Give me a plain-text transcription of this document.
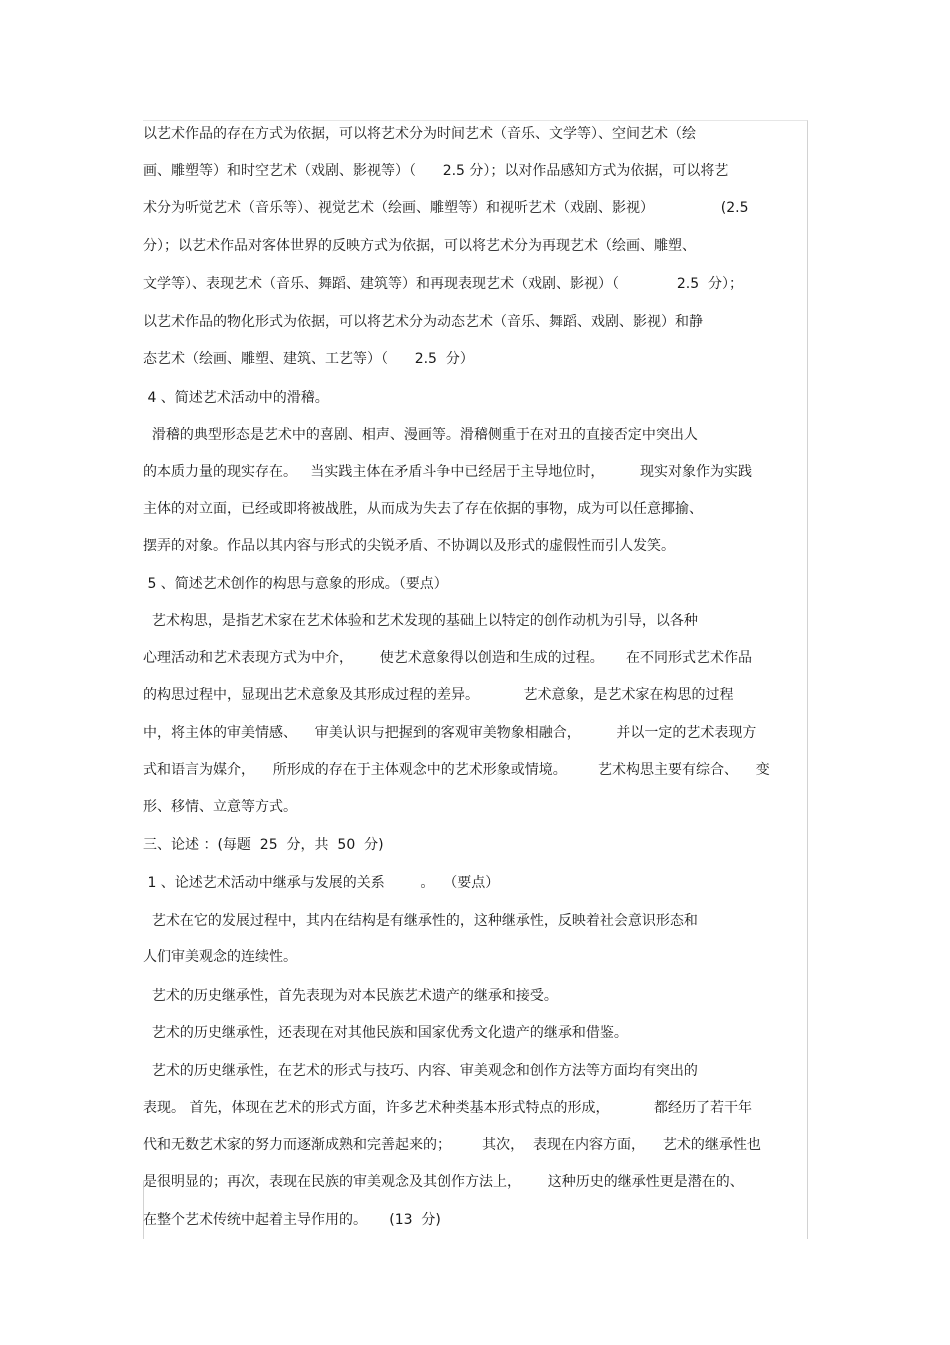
以艺术作品的存在方式为依据，可以将艺术分为时间艺术（音乐、文学等）、空间艺术（绘
画、雕塑等）和时空艺术（戏剧、影视等）（      2.5 分）；以对作品感知方式为依据，可以将艺
术分为听觉艺术（音乐等）、视觉艺术（绘画、雕塑等）和视听艺术（戏剧、影视）               (2.5
分）；以艺术作品对客体世界的反映方式为依据，可以将艺术分为再现艺术（绘画、雕塑、
文学等）、表现艺术（音乐、舞蹈、建筑等）和再现表现艺术（戏剧、影视）（             2.5  分）；
以艺术作品的物化形式为依据，可以将艺术分为动态艺术（音乐、舞蹈、戏剧、影视）和静
态艺术（绘画、雕塑、建筑、工艺等）（      2.5  分）
4 、简述艺术活动中的滑稽。
滑稽的典型形态是艺术中的喜剧、相声、漫画等。滑稽侧重于在对丑的直接否定中突出人
的本质力量的现实存在。   当实践主体在矛盾斗争中已经居于主导地位时，        现实对象作为实践
主体的对立面，已经或即将被战胜，从而成为失去了存在依据的事物，成为可以任意揶揄、
摆弄的对象。作品以其内容与形式的尖锐矛盾、不协调以及形式的虚假性而引人发笑。
5 、简述艺术创作的构思与意象的形成。（要点）
艺术构思，是指艺术家在艺术体验和艺术发现的基础上以特定的创作动机为引导，以各种
心理活动和艺术表现方式为中介，      使艺术意象得以创造和生成的过程。     在不同形式艺术作品
的构思过程中，显现出艺术意象及其形成过程的差异。          艺术意象，是艺术家在构思的过程
中，将主体的审美情感、    审美认识与把握到的客观审美物象相融合，        并以一定的艺术表现方
式和语言为媒介，    所形成的存在于主体观念中的艺术形象或情境。       艺术构思主要有综合、    变
形、移情、立意等方式。
三、论述 ：(每题  25  分，共  50  分)
1 、论述艺术活动中继承与发展的关系        。  （要点）
艺术在它的发展过程中，其内在结构是有继承性的，这种继承性，反映着社会意识形态和
人们审美观念的连续性。
艺术的历史继承性，首先表现为对本民族艺术遗产的继承和接受。
艺术的历史继承性，还表现在对其他民族和国家优秀文化遗产的继承和借鉴。
艺术的历史继承性，在艺术的形式与技巧、内容、审美观念和创作方法等方面均有突出的
表现。 首先，体现在艺术的形式方面，许多艺术种类基本形式特点的形成，          都经历了若干年
代和无数艺术家的努力而逐渐成熟和完善起来的；       其次，  表现在内容方面，    艺术的继承性也
是很明显的；再次，表现在民族的审美观念及其创作方法上，      这种历史的继承性更是潜在的、
在整个艺术传统中起着主导作用的。     (13  分)
